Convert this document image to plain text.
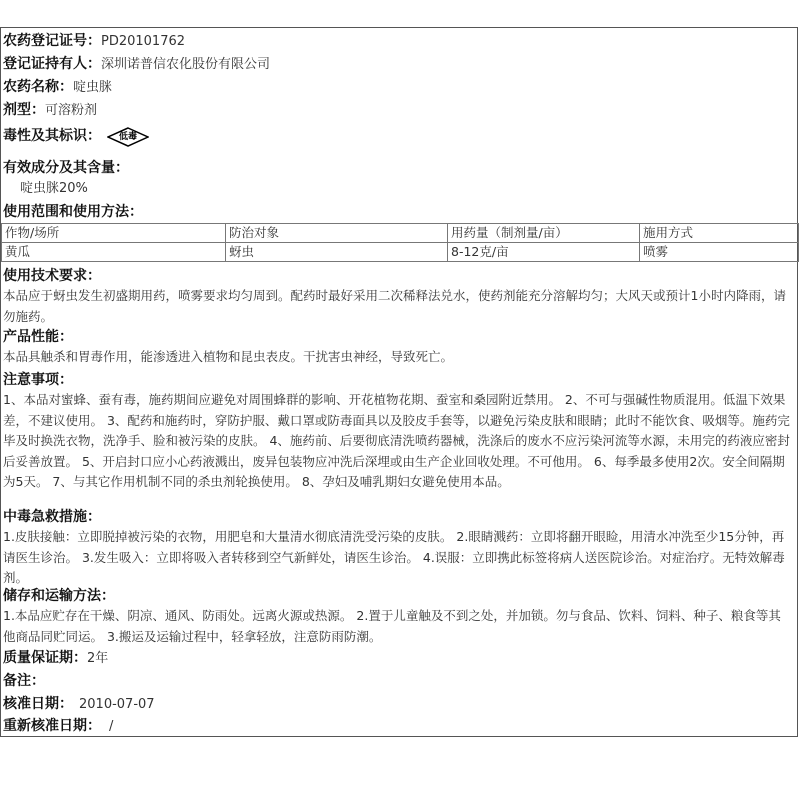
农药登记证号：PD20101762
登记证持有人：深圳诺普信农化股份有限公司
农药名称：啶虫脒
剂型：可溶粉剂
毒性及其标识：	低毒
有效成分及其含量：
啶虫脒20%
使用范围和使用方法：
作物/场所	防治对象	用药量（制剂量/亩）	施用方式
黄瓜	蚜虫	8-12克/亩	喷雾
使用技术要求：
本品应于蚜虫发生初盛期用药，喷雾要求均匀周到。配药时最好采用二次稀释法兑水，使药剂能充分溶解均匀；大风天或预计1小时内降雨，请勿施药。
产品性能：
本品具触杀和胃毒作用，能渗透进入植物和昆虫表皮。干扰害虫神经，导致死亡。
注意事项：
1、本品对蜜蜂、蚕有毒，施药期间应避免对周围蜂群的影响、开花植物花期、蚕室和桑园附近禁用。 2、不可与强碱性物质混用。低温下效果差，不建议使用。 3、配药和施药时，穿防护服、戴口罩或防毒面具以及胶皮手套等，以避免污染皮肤和眼睛；此时不能饮食、吸烟等。施药完毕及时换洗衣物，洗净手、脸和被污染的皮肤。 4、施药前、后要彻底清洗喷药器械，洗涤后的废水不应污染河流等水源，未用完的药液应密封后妥善放置。 5、开启封口应小心药液溅出，废异包装物应冲洗后深埋或由生产企业回收处理。不可他用。 6、每季最多使用2次。安全间隔期为5天。 7、与其它作用机制不同的杀虫剂轮换使用。 8、孕妇及哺乳期妇女避免使用本品。
中毒急救措施：
1.皮肤接触：立即脱掉被污染的衣物，用肥皂和大量清水彻底清洗受污染的皮肤。 2.眼睛溅药：立即将翻开眼睑，用清水冲洗至少15分钟，再请医生诊治。 3.发生吸入：立即将吸入者转移到空气新鲜处，请医生诊治。 4.误服：立即携此标签将病人送医院诊治。对症治疗。无特效解毒剂。
储存和运输方法：
1.本品应贮存在干燥、阴凉、通风、防雨处。远离火源或热源。 2.置于儿童触及不到之处，并加锁。勿与食品、饮料、饲料、种子、粮食等其他商品同贮同运。 3.搬运及运输过程中，轻拿轻放，注意防雨防潮。
质量保证期：2年
备注：
核准日期： 2010-07-07
重新核准日期： /
